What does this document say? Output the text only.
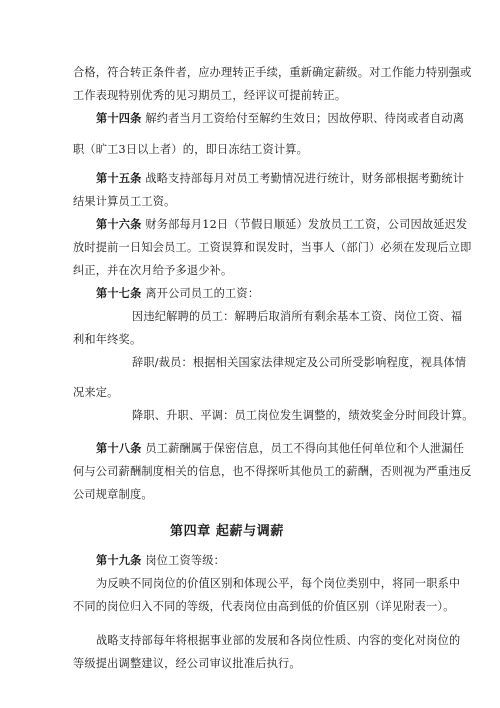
合格，符合转正条件者，应办理转正手续，重新确定薪级。对工作能力特别强或
工作表现特别优秀的见习期员工，经评议可提前转正。
第十四条 解约者当月工资给付至解约生效日；因故停职、待岗或者自动离
职（旷工3日以上者）的，即日冻结工资计算。
第十五条 战略支持部每月对员工考勤情况进行统计，财务部根据考勤统计
结果计算员工工资。
第十六条 财务部每月12日（节假日顺延）发放员工工资，公司因故延迟发
放时提前一日知会员工。工资误算和误发时，当事人（部门）必须在发现后立即
纠正，并在次月给予多退少补。
第十七条 离开公司员工的工资：
因违纪解聘的员工：解聘后取消所有剩余基本工资、岗位工资、福
利和年终奖。
辞职/裁员：根据相关国家法律规定及公司所受影响程度，视具体情
况来定。
降职、升职、平调：员工岗位发生调整的，绩效奖金分时间段计算。
第十八条 员工薪酬属于保密信息，员工不得向其他任何单位和个人泄漏任
何与公司薪酬制度相关的信息，也不得探听其他员工的薪酬，否则视为严重违反
公司规章制度。
第四章 起薪与调薪
第十九条 岗位工资等级：
为反映不同岗位的价值区别和体现公平，每个岗位类别中，将同一职系中
不同的岗位归入不同的等级，代表岗位由高到低的价值区别（详见附表一）。
战略支持部每年将根据事业部的发展和各岗位性质、内容的变化对岗位的
等级提出调整建议，经公司审议批准后执行。
